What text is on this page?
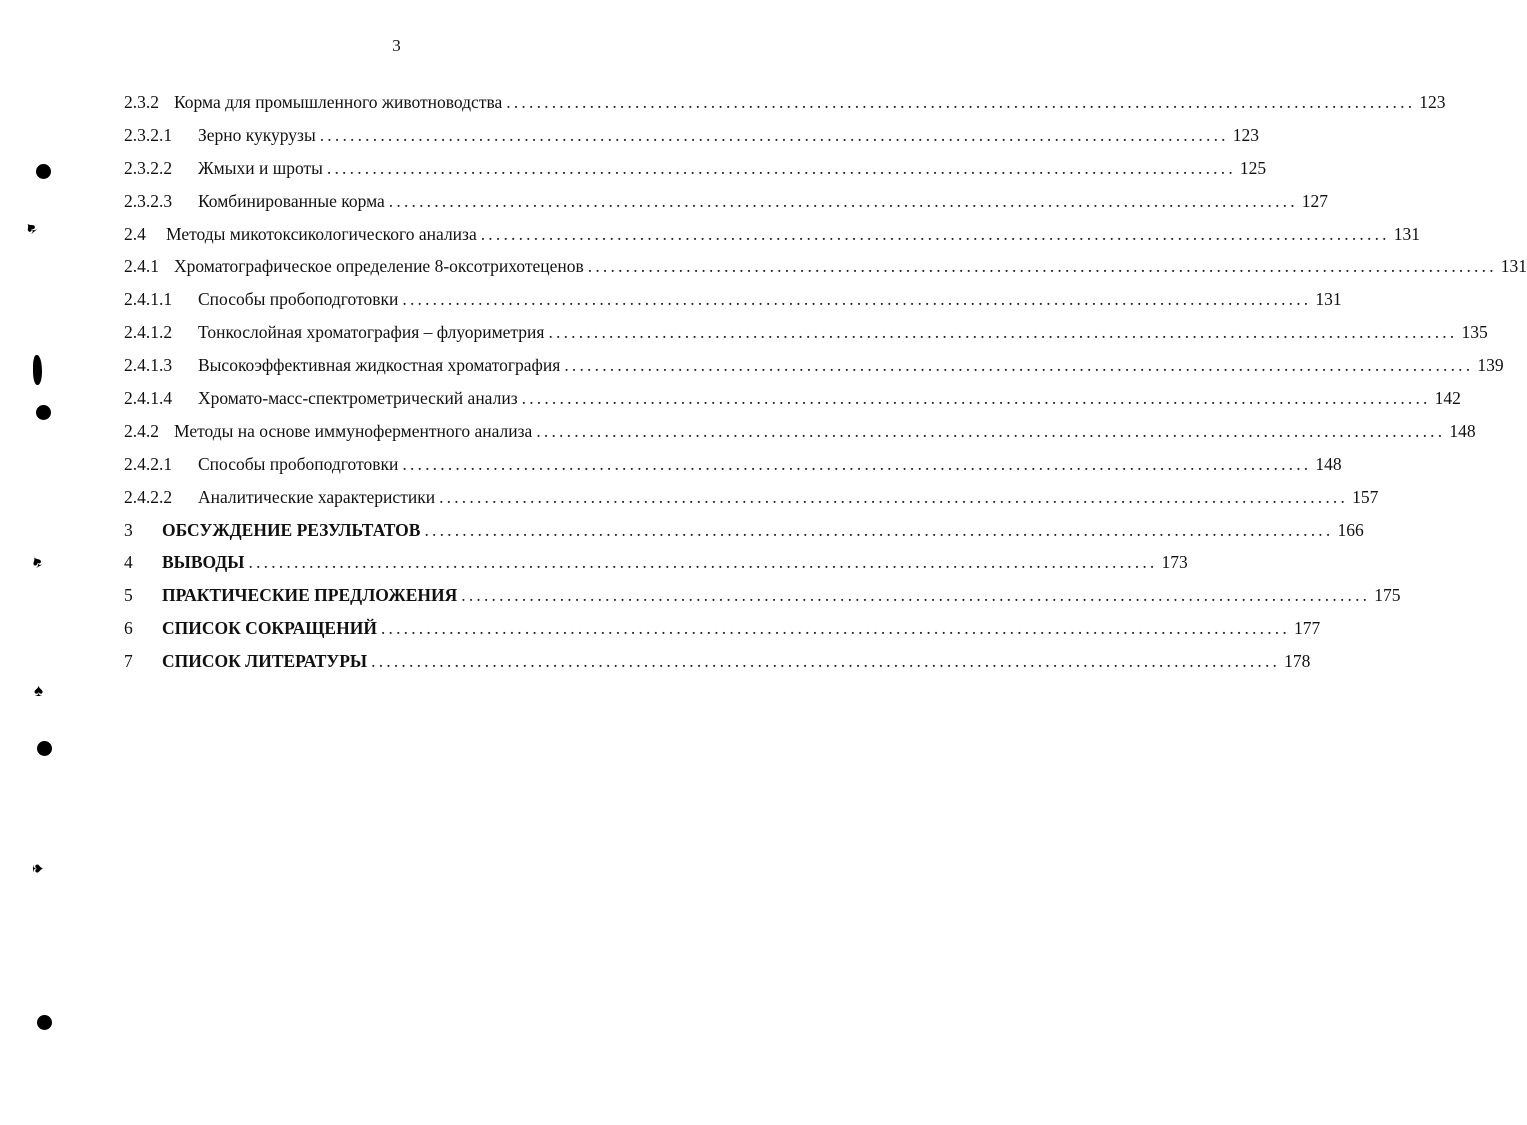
3
2.3.2 Корма для промышленного животноводства ........................................................................................................................ 123
2.3.2.1	Зерно кукурузы ........................................................................................................................ 123
2.3.2.2	Жмыхи и шроты ........................................................................................................................ 125
2.3.2.3	Комбинированные корма ........................................................................................................................ 127
2.4	Методы микотоксикологического анализа ........................................................................................................................ 131
2.4.1 Хроматографическое определение 8-оксотрихотеценов ........................................................................................................................ 131
2.4.1.1	Способы пробоподготовки ........................................................................................................................ 131
2.4.1.2	Тонкослойная хроматография – флуориметрия ........................................................................................................................ 135
2.4.1.3	Высокоэффективная жидкостная хроматография ........................................................................................................................ 139
2.4.1.4	Хромато-масс-спектрометрический анализ ........................................................................................................................ 142
2.4.2 Методы на основе иммуноферментного анализа ........................................................................................................................ 148
2.4.2.1	Способы пробоподготовки ........................................................................................................................ 148
2.4.2.2	Аналитические характеристики ........................................................................................................................ 157
3	ОБСУЖДЕНИЕ РЕЗУЛЬТАТОВ ........................................................................................................................ 166
4	ВЫВОДЫ ........................................................................................................................ 173
5	ПРАКТИЧЕСКИЕ ПРЕДЛОЖЕНИЯ ........................................................................................................................ 175
6	СПИСОК СОКРАЩЕНИЙ ........................................................................................................................ 177
7	СПИСОК ЛИТЕРАТУРЫ ........................................................................................................................ 178
♠
♠
♠
♠
